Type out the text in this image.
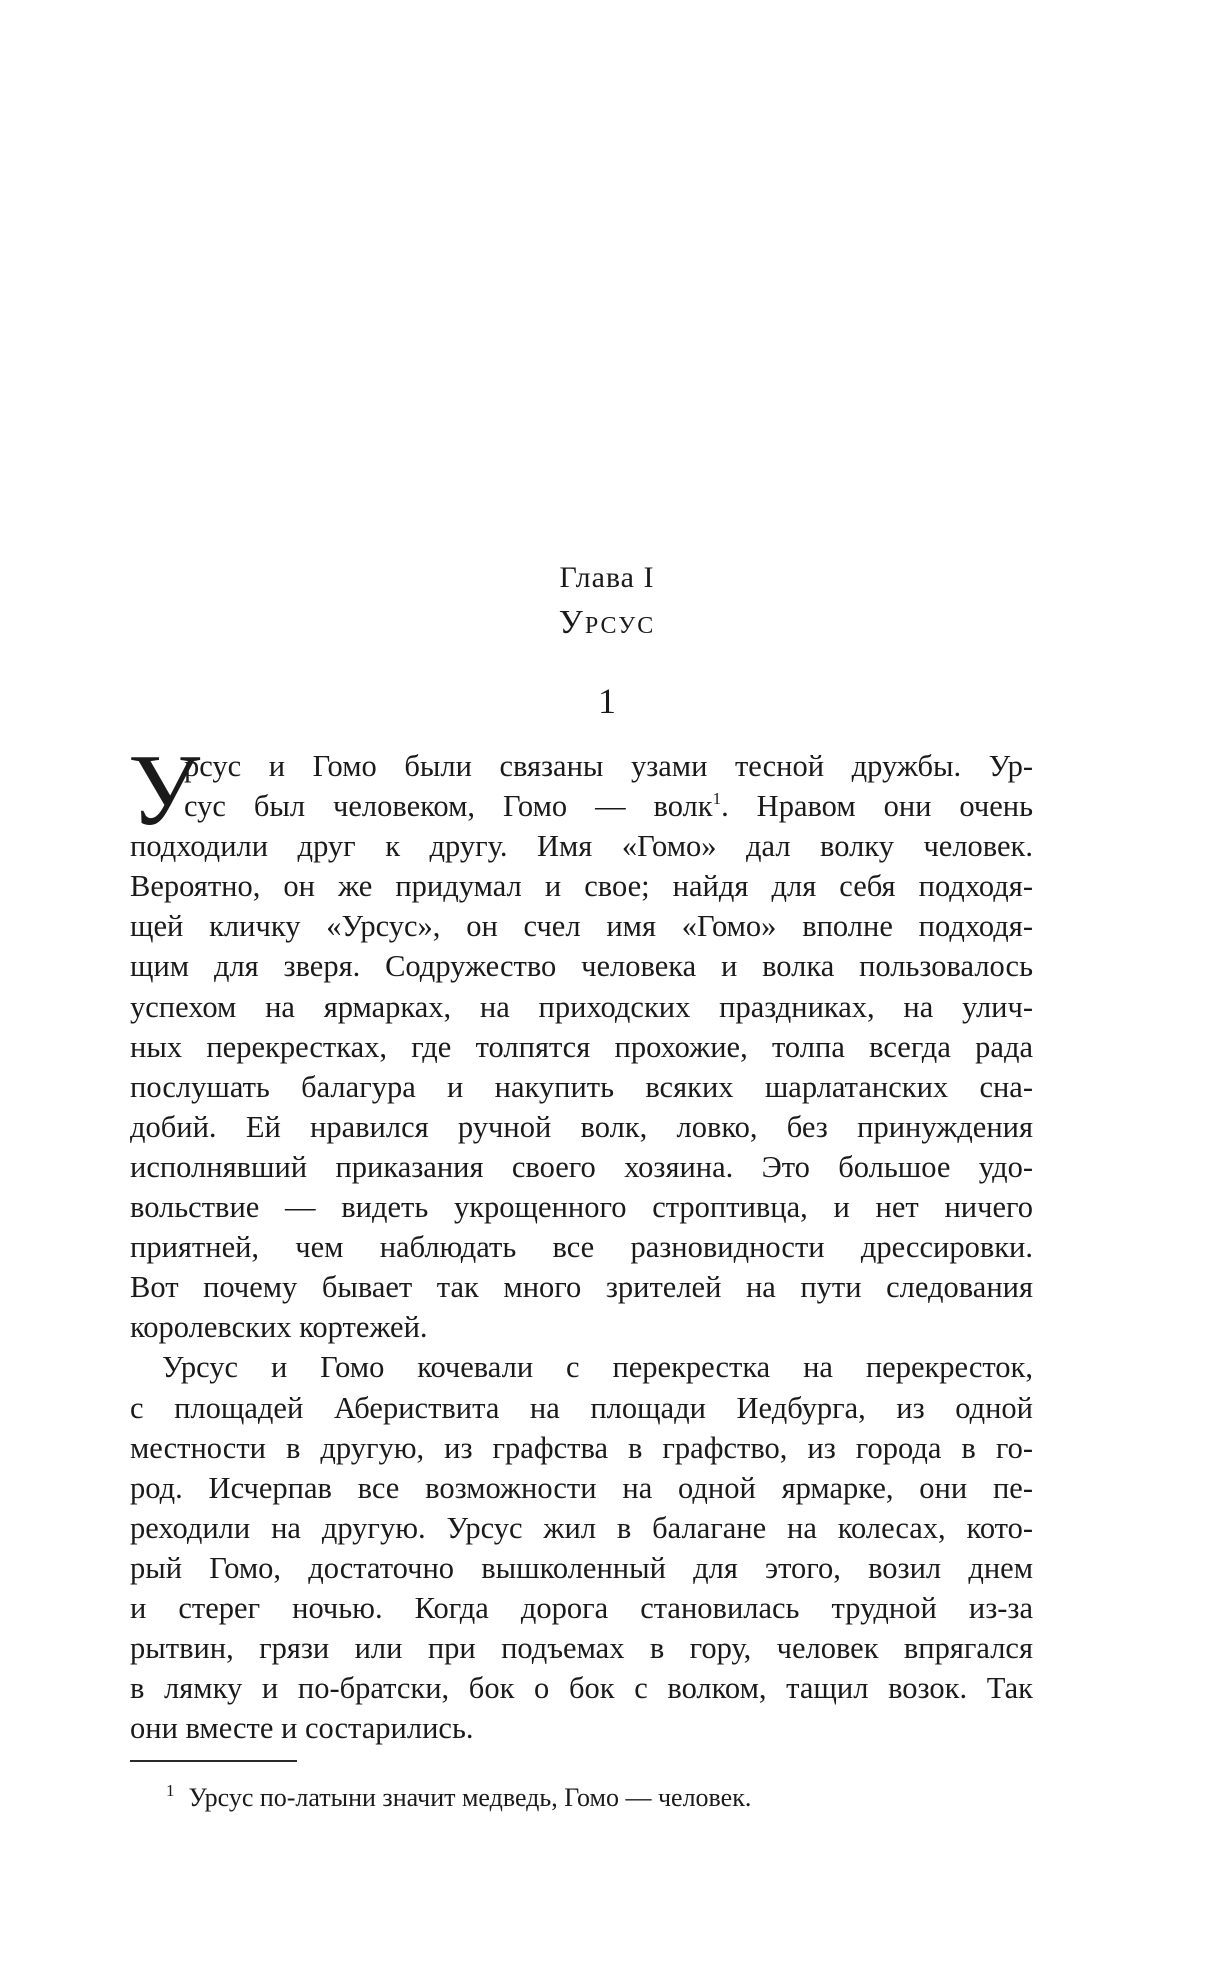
Глава I
Урсус
1
У
рсус и Гомо были связаны узами тесной дружбы. Ур-
сус был человеком, Гомо — волк$^1$. Нравом они очень
подходили друг к другу. Имя «Гомо» дал волку человек.
Вероятно, он же придумал и свое; найдя для себя подходя-
щей кличку «Урсус», он счел имя «Гомо» вполне подходя-
щим для зверя. Содружество человека и волка пользовалось
успехом на ярмарках, на приходских праздниках, на улич-
ных перекрестках, где толпятся прохожие, толпа всегда рада
послушать балагура и накупить всяких шарлатанских сна-
добий. Ей нравился ручной волк, ловко, без принуждения
исполнявший приказания своего хозяина. Это большое удо-
вольствие — видеть укрощенного строптивца, и нет ничего
приятней, чем наблюдать все разновидности дрессировки.
Вот почему бывает так много зрителей на пути следования
королевских кортежей.
Урсус и Гомо кочевали с перекрестка на перекресток,
с площадей Абериствита на площади Иедбурга, из одной
местности в другую, из графства в графство, из города в го-
род. Исчерпав все возможности на одной ярмарке, они пе-
реходили на другую. Урсус жил в балагане на колесах, кото-
рый Гомо, достаточно вышколенный для этого, возил днем
и стерег ночью. Когда дорога становилась трудной из-за
рытвин, грязи или при подъемах в гору, человек впрягался
в лямку и по-братски, бок о бок с волком, тащил возок. Так
они вместе и состарились.
$^1$ Урсус по-латыни значит медведь, Гомо — человек.
